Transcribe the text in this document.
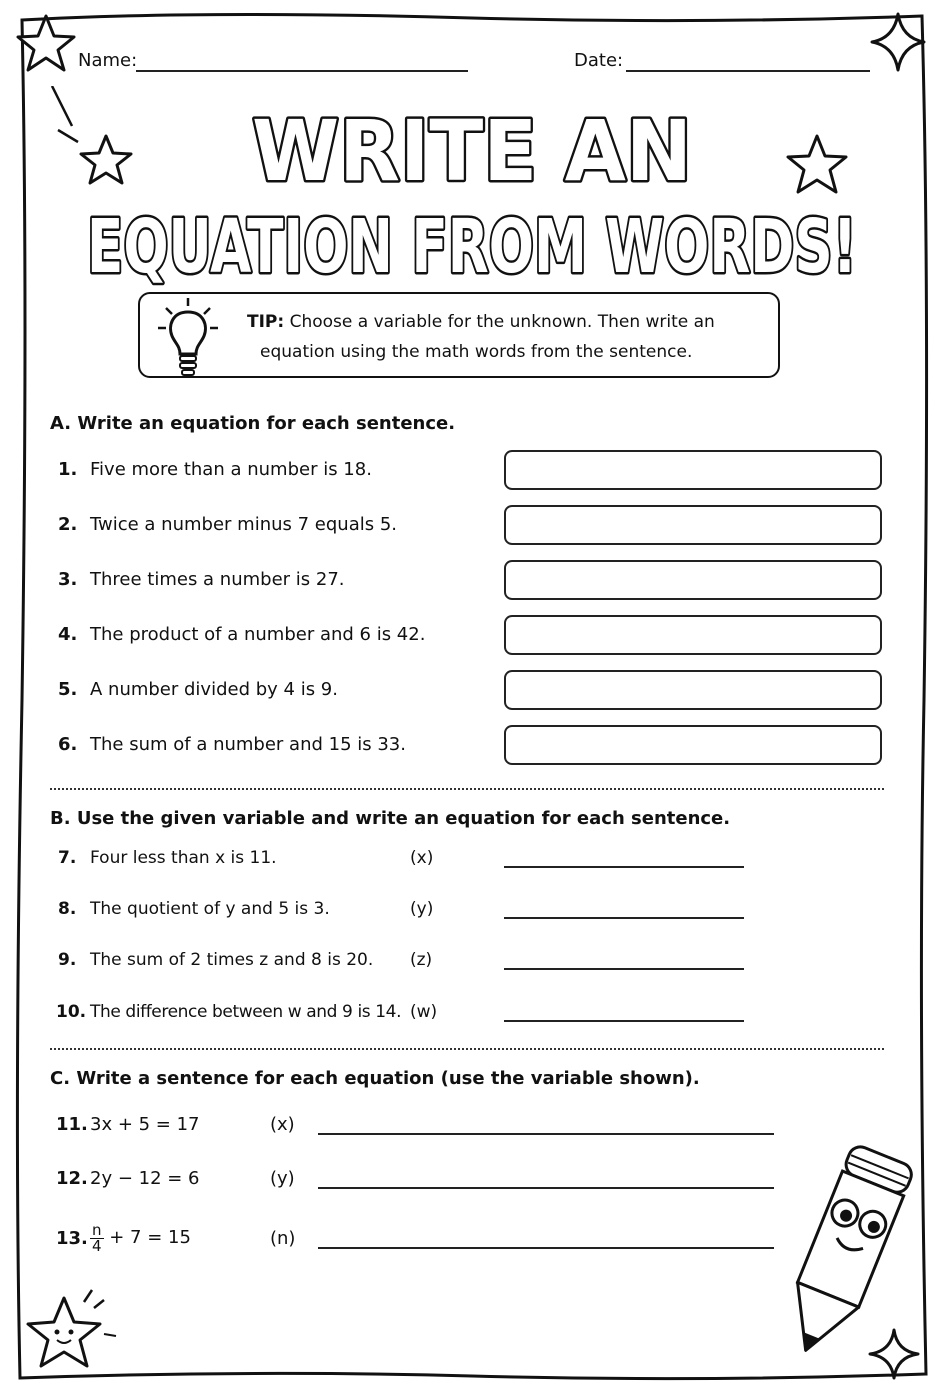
Name:	Date:
WRITE AN
EQUATION FROM WORDS!
TIP: Choose a variable for the unknown. Then write an
equation using the math words from the sentence.
A. Write an equation for each sentence.
1. Five more than a number is 18.
2. Twice a number minus 7 equals 5.
3. Three times a number is 27.
4. The product of a number and 6 is 42.
5. A number divided by 4 is 9.
6. The sum of a number and 15 is 33.
B. Use the given variable and write an equation for each sentence.
7. Four less than x is 11.	(x)
8. The quotient of y and 5 is 3.	(y)
9. The sum of 2 times z and 8 is 20. (z)
10. The difference between w and 9 is 14. (w)
C. Write a sentence for each equation (use the variable shown).
11. 3x + 5 = 17	(x)
12. 2y − 12 = 6	(y)
13. $\frac{n}{4} + 7 = 15$	(n)
